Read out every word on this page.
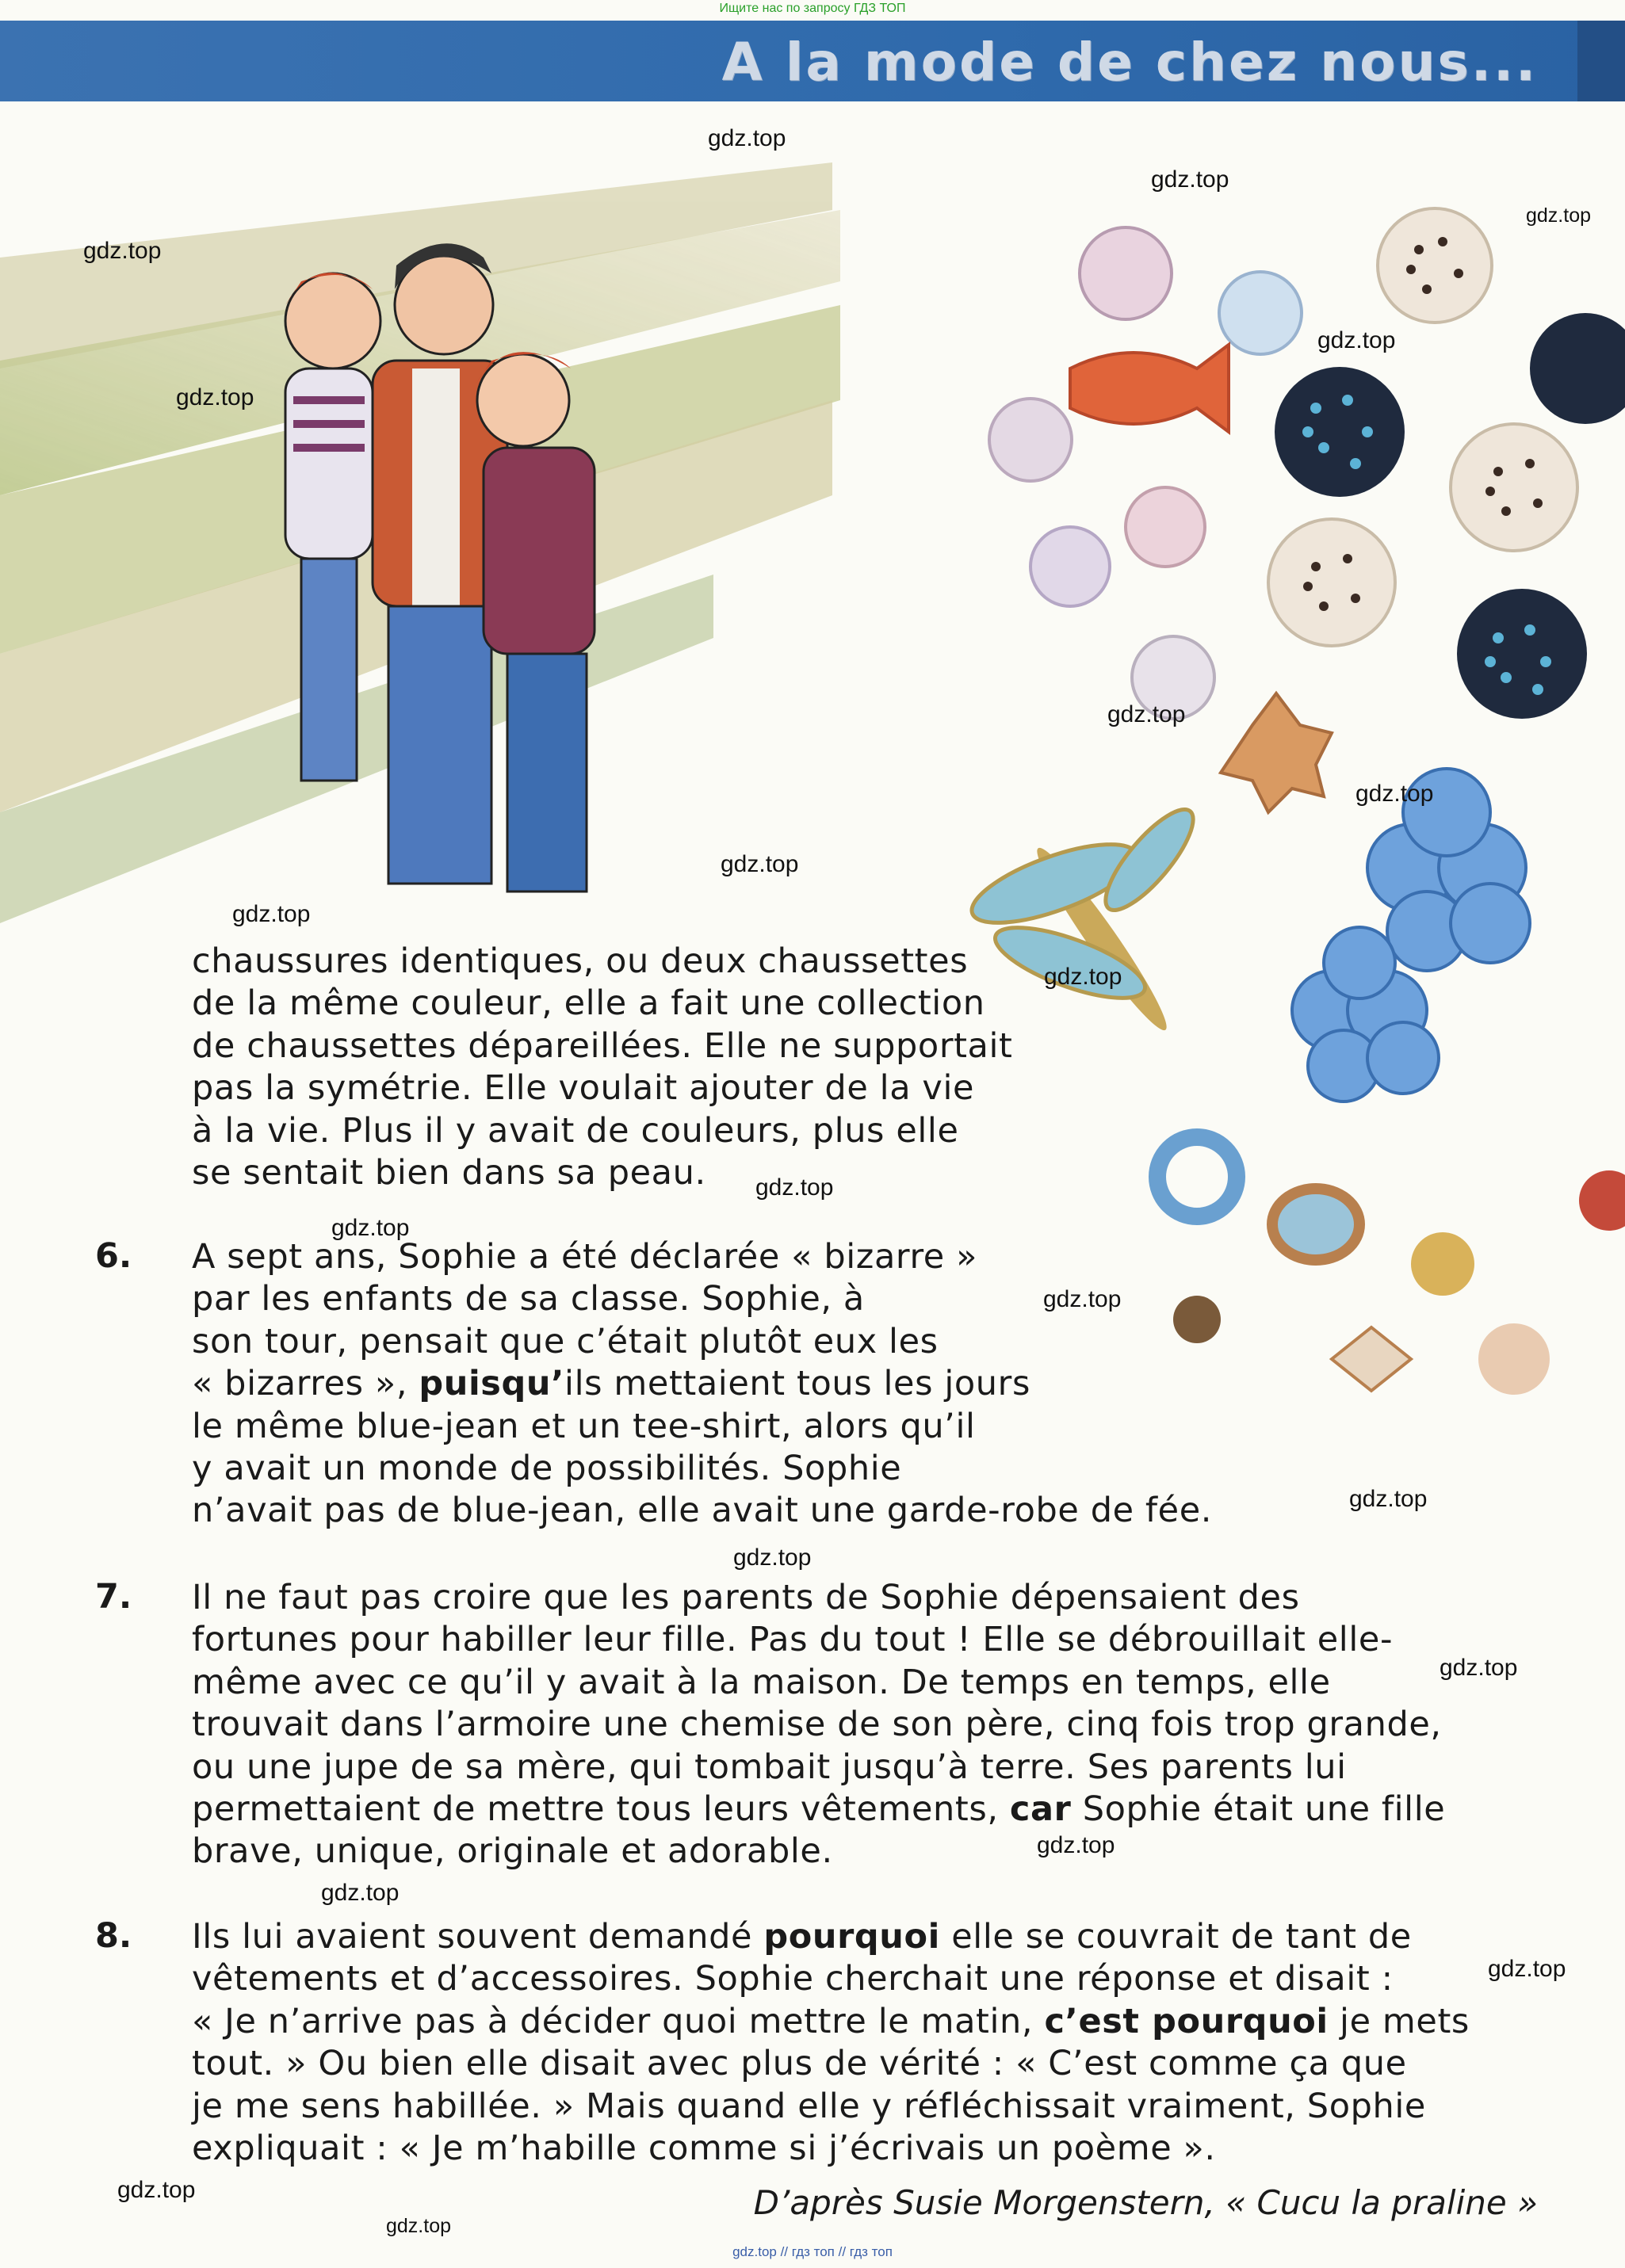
Ищите нас по запросу ГДЗ ТОП
A la mode de chez nous...
gdz.top
gdz.top
gdz.top
gdz.top
gdz.top
gdz.top
gdz.top
gdz.top
gdz.top
gdz.top
gdz.top
gdz.top
gdz.top
gdz.top
gdz.top
gdz.top
gdz.top
gdz.top
gdz.top
gdz.top
gdz.top
gdz.top
chaussures identiques, ou deux chaussettes
de la même couleur, elle a fait une collection
de chaussettes dépareillées. Elle ne supportait
pas la symétrie. Elle voulait ajouter de la vie
à la vie. Plus il y avait de couleurs, plus elle
se sentait bien dans sa peau.
6. A sept ans, Sophie a été déclarée « bizarre »
par les enfants de sa classe. Sophie, à
son tour, pensait que c’était plutôt eux les
« bizarres », puisqu’ils mettaient tous les jours
le même blue-jean et un tee-shirt, alors qu’il
y avait un monde de possibilités. Sophie
n’avait pas de blue-jean, elle avait une garde-robe de fée.
7. Il ne faut pas croire que les parents de Sophie dépensaient des
fortunes pour habiller leur fille. Pas du tout ! Elle se débrouillait elle-
même avec ce qu’il y avait à la maison. De temps en temps, elle
trouvait dans l’armoire une chemise de son père, cinq fois trop grande,
ou une jupe de sa mère, qui tombait jusqu’à terre. Ses parents lui
permettaient de mettre tous leurs vêtements, car Sophie était une fille
brave, unique, originale et adorable.
8. Ils lui avaient souvent demandé pourquoi elle se couvrait de tant de
vêtements et d’accessoires. Sophie cherchait une réponse et disait :
« Je n’arrive pas à décider quoi mettre le matin, c’est pourquoi je mets
tout. » Ou bien elle disait avec plus de vérité : « C’est comme ça que
je me sens habillée. » Mais quand elle y réfléchissait vraiment, Sophie
expliquait : « Je m’habille comme si j’écrivais un poème ».
D’après Susie Morgenstern, « Cucu la praline »
gdz.top // гдз топ // гдз топ
